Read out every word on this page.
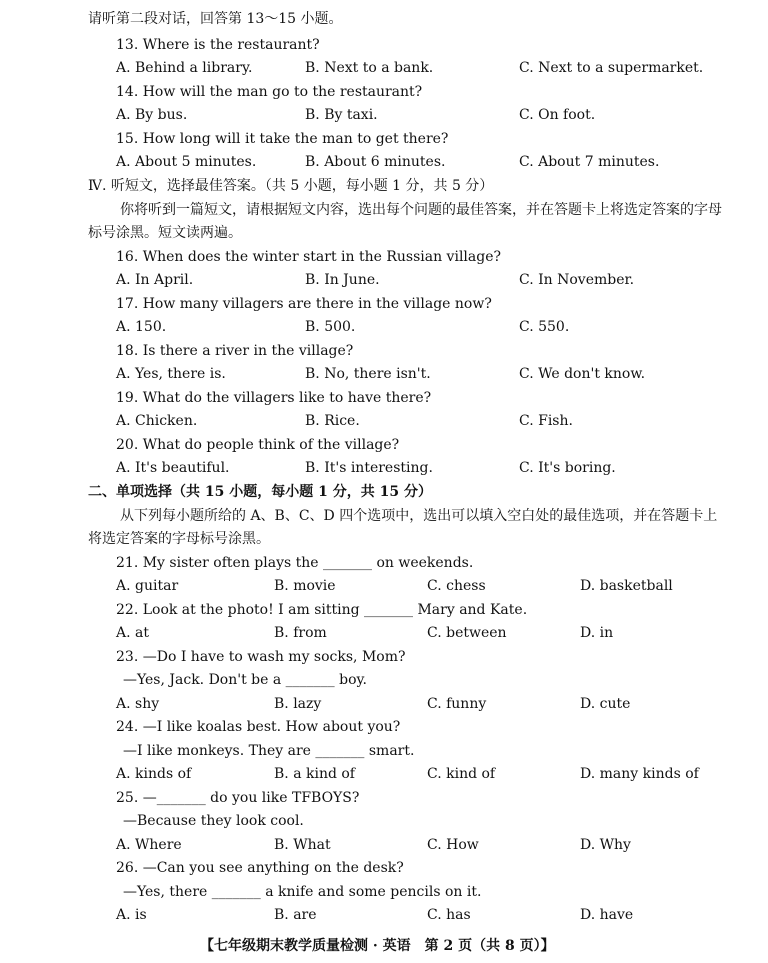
请听第二段对话，回答第 13～15 小题。
13. Where is the restaurant?
A. Behind a library.	B. Next to a bank.	C. Next to a supermarket.
14. How will the man go to the restaurant?
A. By bus.	B. By taxi.	C. On foot.
15. How long will it take the man to get there?
A. About 5 minutes.	B. About 6 minutes.	C. About 7 minutes.
Ⅳ. 听短文，选择最佳答案。（共 5 小题，每小题 1 分，共 5 分）
你将听到一篇短文，请根据短文内容，选出每个问题的最佳答案，并在答题卡上将选定答案的字母标号涂黑。短文读两遍。
16. When does the winter start in the Russian village?
A. In April.	B. In June.	C. In November.
17. How many villagers are there in the village now?
A. 150.	B. 500.	C. 550.
18. Is there a river in the village?
A. Yes, there is.	B. No, there isn't.	C. We don't know.
19. What do the villagers like to have there?
A. Chicken.	B. Rice.	C. Fish.
20. What do people think of the village?
A. It's beautiful.	B. It's interesting.	C. It's boring.
二、单项选择（共 15 小题，每小题 1 分，共 15 分）
从下列每小题所给的 A、B、C、D 四个选项中，选出可以填入空白处的最佳选项，并在答题卡上将选定答案的字母标号涂黑。
21. My sister often plays the _______ on weekends.
A. guitar	B. movie	C. chess	D. basketball
22. Look at the photo! I am sitting _______ Mary and Kate.
A. at	B. from	C. between	D. in
23. —Do I have to wash my socks, Mom?
—Yes, Jack. Don't be a _______ boy.
A. shy	B. lazy	C. funny	D. cute
24. —I like koalas best. How about you?
—I like monkeys. They are _______ smart.
A. kinds of	B. a kind of	C. kind of	D. many kinds of
25. —_______ do you like TFBOYS?
—Because they look cool.
A. Where	B. What	C. How	D. Why
26. —Can you see anything on the desk?
—Yes, there _______ a knife and some pencils on it.
A. is	B. are	C. has	D. have
【七年级期末教学质量检测 · 英语　第 2 页（共 8 页）】
